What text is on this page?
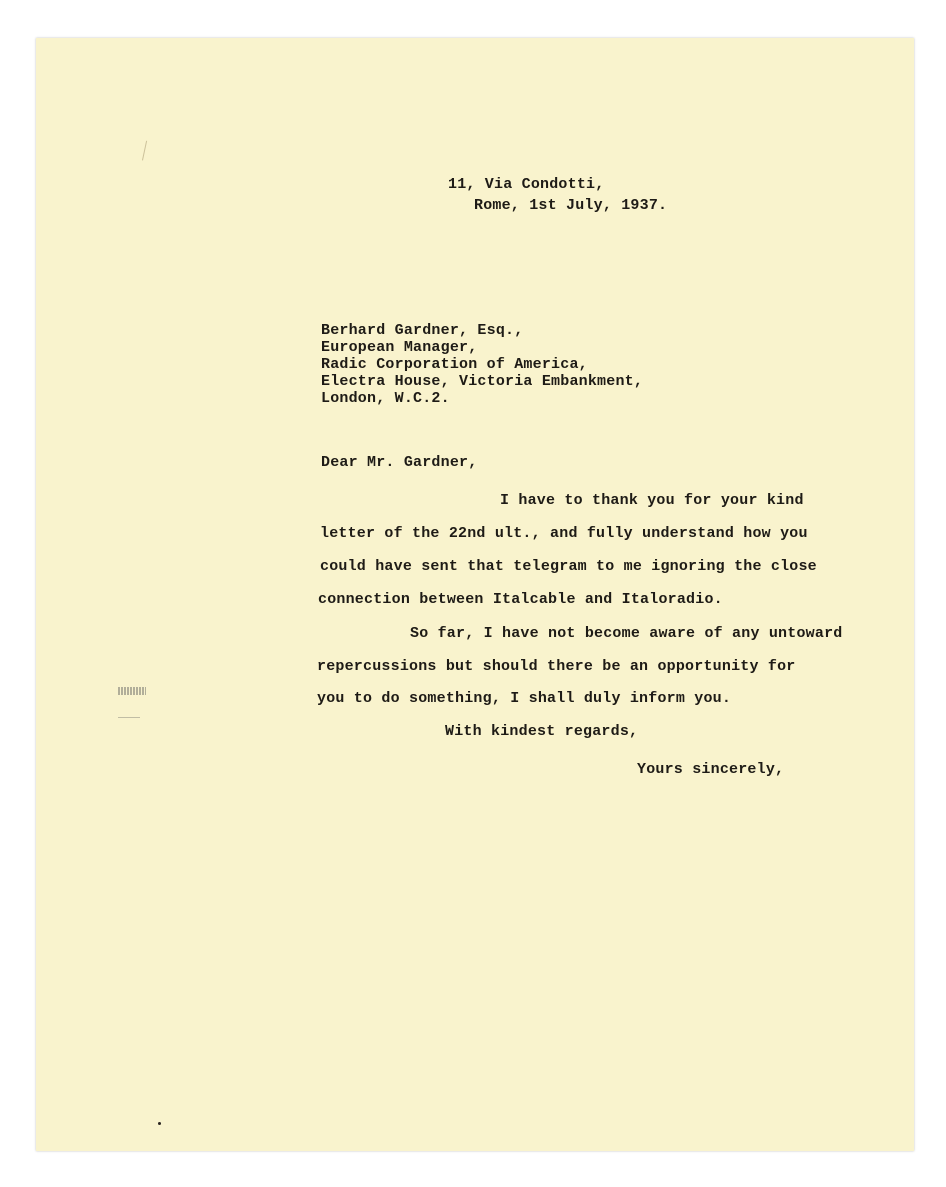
11, Via Condotti,
Rome, 1st July, 1937.
Berhard Gardner, Esq.,
European Manager,
Radic Corporation of America,
Electra House, Victoria Embankment,
London, W.C.2.
Dear Mr. Gardner,
I have to thank you for your kind
letter of the 22nd ult., and fully understand how you
could have sent that telegram to me ignoring the close
connection between Italcable and Italoradio.
So far, I have not become aware of any untoward
repercussions but should there be an opportunity for
you to do something, I shall duly inform you.
With kindest regards,
Yours sincerely,
